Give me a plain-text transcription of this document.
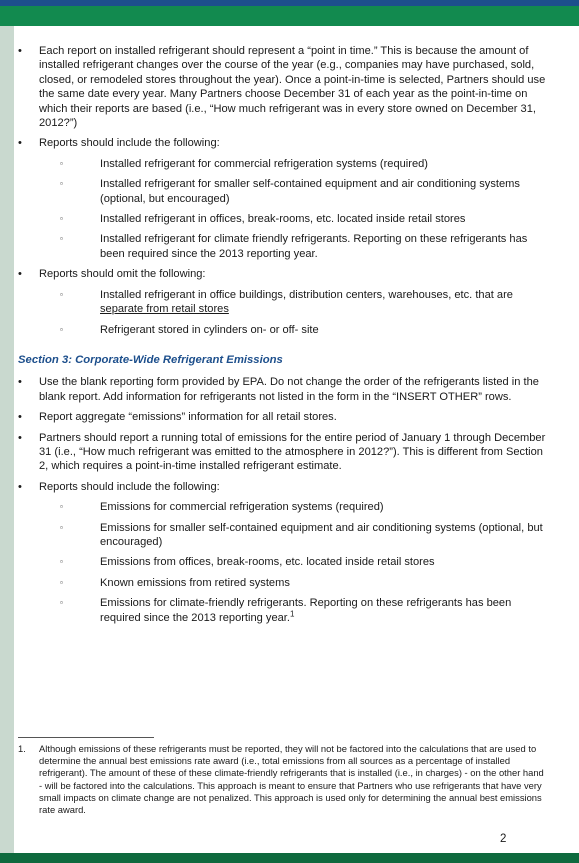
•	Each report on installed refrigerant should represent a “point in time.” This is because the amount of installed refrigerant changes over the course of the year (e.g., companies may have purchased, sold, closed, or remodeled stores throughout the year). Once a point-in-time is selected, Partners should use the same date every year. Many Partners choose December 31 of each year as the point-in-time on which their reports are based (i.e., “How much refrigerant was in every store owned on December 31, 2012?”)
•	Reports should include the following:
▫	Installed refrigerant for commercial refrigeration systems (required)
▫	Installed refrigerant for smaller self-contained equipment and air conditioning systems (optional, but encouraged)
▫	Installed refrigerant in offices, break-rooms, etc. located inside retail stores
▫	Installed refrigerant for climate friendly refrigerants. Reporting on these refrigerants has been required since the 2013 reporting year.
•	Reports should omit the following:
▫	Installed refrigerant in office buildings, distribution centers, warehouses, etc. that are separate from retail stores
▫	Refrigerant stored in cylinders on- or off- site
Section 3: Corporate-Wide Refrigerant Emissions
•	Use the blank reporting form provided by EPA. Do not change the order of the refrigerants listed in the blank report. Add information for refrigerants not listed in the form in the “INSERT OTHER” rows.
•	Report aggregate “emissions” information for all retail stores.
•	Partners should report a running total of emissions for the entire period of January 1 through December 31 (i.e., “How much refrigerant was emitted to the atmosphere in 2012?”). This is different from Section 2, which requires a point-in-time installed refrigerant estimate.
•	Reports should include the following:
▫	Emissions for commercial refrigeration systems (required)
▫	Emissions for smaller self-contained equipment and air conditioning systems (optional, but encouraged)
▫	Emissions from offices, break-rooms, etc. located inside retail stores
▫	Known emissions from retired systems
▫	Emissions for climate-friendly refrigerants. Reporting on these refrigerants has been required since the 2013 reporting year.$^1$
1.	Although emissions of these refrigerants must be reported, they will not be factored into the calculations that are used to determine the annual best emissions rate award (i.e., total emissions from all sources as a percentage of installed refrigerant). The amount of these of these climate-friendly refrigerants that is installed (i.e., in charges) - on the other hand - will be factored into the calculations. This approach is meant to ensure that Partners who use refrigerants that have very small impacts on climate change are not penalized. This approach is used only for determining the annual best emissions rate award.
2
